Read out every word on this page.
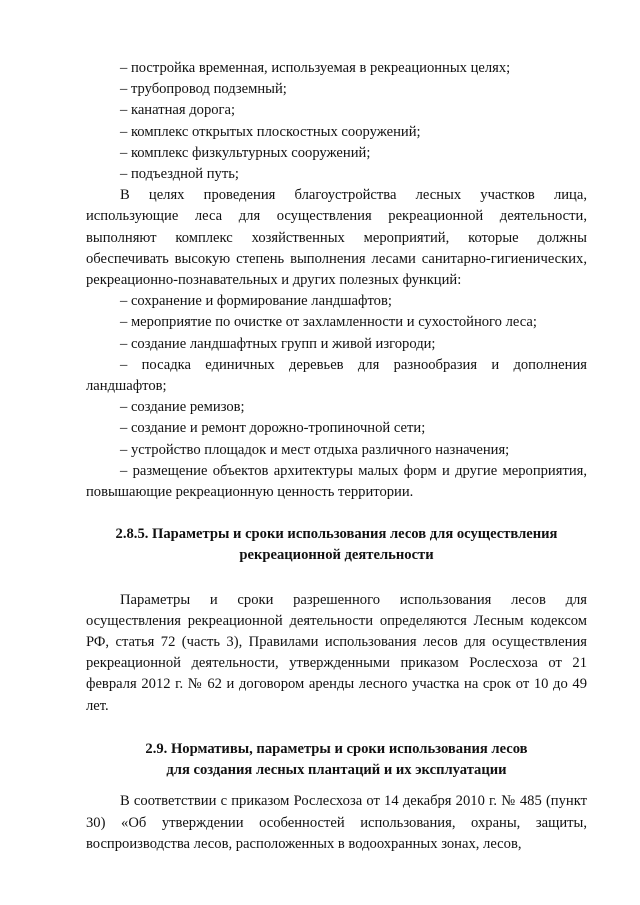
– постройка временная, используемая в рекреационных целях;

– трубопровод подземный;

– канатная дорога;

– комплекс открытых плоскостных сооружений;

– комплекс физкультурных сооружений;

– подъездной путь;

В целях проведения благоустройства лесных участков лица, использующие леса для осуществления рекреационной деятельности, выполняют комплекс хозяйственных мероприятий, которые должны обеспечивать высокую степень выполнения лесами санитарно-гигиенических, рекреационно-познавательных и других полезных функций:

– сохранение и формирование ландшафтов;

– мероприятие по очистке от захламленности и сухостойного леса;

– создание ландшафтных групп и живой изгороди;

– посадка единичных деревьев для разнообразия и дополнения ландшафтов;

– создание ремизов;

– создание и ремонт дорожно-тропиночной сети;

– устройство площадок и мест отдыха различного назначения;

– размещение объектов архитектуры малых форм и другие мероприятия, повышающие рекреационную ценность территории.

2.8.5. Параметры и сроки использования лесов для осуществления

рекреационной деятельности

Параметры и сроки разрешенного использования лесов для осуществления рекреационной деятельности определяются Лесным кодексом РФ, статья 72 (часть 3), Правилами использования лесов для осуществления рекреационной деятельности, утвержденными приказом Рослесхоза от 21 февраля 2012 г. № 62 и договором аренды лесного участка на срок от 10 до 49 лет.

2.9. Нормативы, параметры и сроки использования лесов

для создания лесных плантаций и их эксплуатации

В соответствии с приказом Рослесхоза от 14 декабря 2010 г. № 485 (пункт 30) «Об утверждении особенностей использования, охраны, защиты, воспроизводства лесов, расположенных в водоохранных зонах, лесов,
